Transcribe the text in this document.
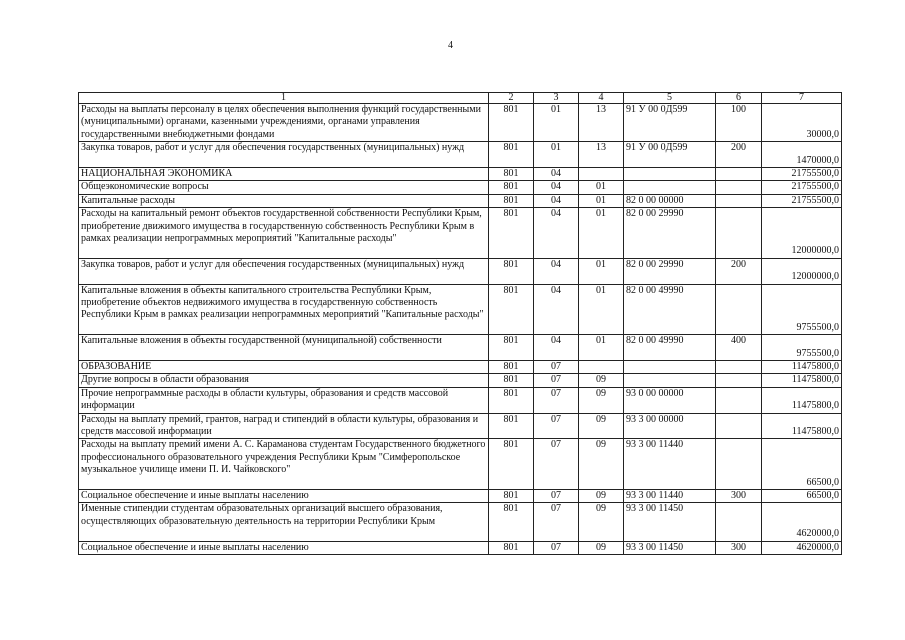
4
1	2	3	4	5	6	7
Расходы на выплаты персоналу в целях обеспечения выполнения функций государственными (муниципальными) органами, казенными учреждениями, органами управления государственными внебюджетными фондами	801	01	13	91 У 00 0Д599	100	30000,0
Закупка товаров, работ и услуг для обеспечения государственных (муниципальных) нужд	801	01	13	91 У 00 0Д599	200	1470000,0
НАЦИОНАЛЬНАЯ ЭКОНОМИКА	801	04				21755500,0
Общеэкономические вопросы	801	04	01			21755500,0
Капитальные расходы	801	04	01	82 0 00 00000		21755500,0
Расходы на капитальный ремонт объектов государственной собственности Республики Крым, приобретение движимого имущества в государственную собственность Республики Крым в рамках реализации непрограммных мероприятий "Капитальные расходы"	801	04	01	82 0 00 29990		12000000,0
Закупка товаров, работ и услуг для обеспечения государственных (муниципальных) нужд	801	04	01	82 0 00 29990	200	12000000,0
Капитальные вложения в объекты капитального строительства Республики Крым, приобретение объектов недвижимого имущества в государственную собственность Республики Крым в рамках реализации непрограммных мероприятий "Капитальные расходы"	801	04	01	82 0 00 49990		9755500,0
Капитальные вложения в объекты государственной (муниципальной) собственности	801	04	01	82 0 00 49990	400	9755500,0
ОБРАЗОВАНИЕ	801	07				11475800,0
Другие вопросы в области образования	801	07	09			11475800,0
Прочие непрограммные расходы в области культуры, образования и средств массовой информации	801	07	09	93 0 00 00000		11475800,0
Расходы на выплату премий, грантов, наград и стипендий в области культуры, образования и средств массовой информации	801	07	09	93 3 00 00000		11475800,0
Расходы на выплату премий имени А. С. Караманова студентам Государственного бюджетного профессионального образовательного учреждения Республики Крым "Симферопольское музыкальное училище имени П. И. Чайковского"	801	07	09	93 3 00 11440		66500,0
Социальное обеспечение и иные выплаты населению	801	07	09	93 3 00 11440	300	66500,0
Именные стипендии студентам образовательных организаций высшего образования, осуществляющих образовательную деятельность на территории Республики Крым	801	07	09	93 3 00 11450		4620000,0
Социальное обеспечение и иные выплаты населению	801	07	09	93 3 00 11450	300	4620000,0
